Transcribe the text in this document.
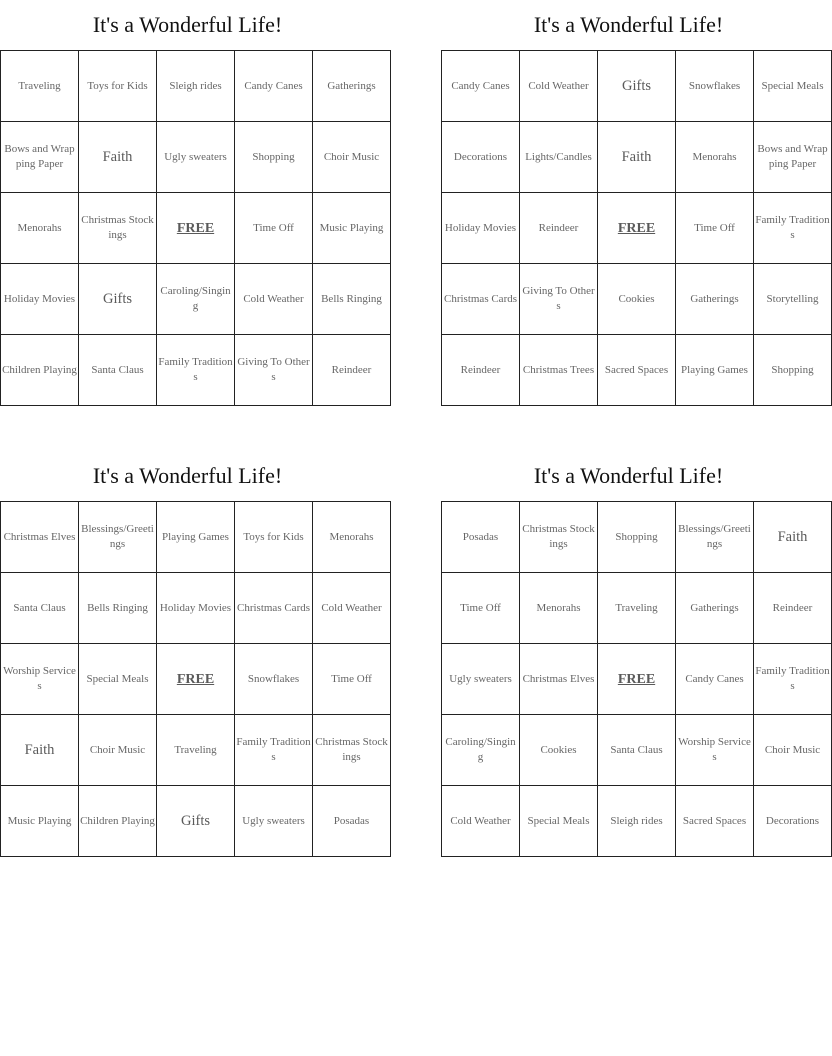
It's a Wonderful Life!
Traveling	Toys for Kids	Sleigh rides	Candy Canes	Gatherings
Bows and Wrapping Paper	Faith	Ugly sweaters	Shopping	Choir Music
Menorahs	Christmas Stockings	FREE	Time Off	Music Playing
Holiday Movies	Gifts	Caroling/Singing	Cold Weather	Bells Ringing
Children Playing	Santa Claus	Family Traditions	Giving To Others	Reindeer
It's a Wonderful Life!
Candy Canes	Cold Weather	Gifts	Snowflakes	Special Meals
Decorations	Lights/Candles	Faith	Menorahs	Bows and Wrapping Paper
Holiday Movies	Reindeer	FREE	Time Off	Family Traditions
Christmas Cards	Giving To Others	Cookies	Gatherings	Storytelling
Reindeer	Christmas Trees	Sacred Spaces	Playing Games	Shopping
It's a Wonderful Life!
Christmas Elves	Blessings/Greetings	Playing Games	Toys for Kids	Menorahs
Santa Claus	Bells Ringing	Holiday Movies	Christmas Cards	Cold Weather
Worship Services	Special Meals	FREE	Snowflakes	Time Off
Faith	Choir Music	Traveling	Family Traditions	Christmas Stockings
Music Playing	Children Playing	Gifts	Ugly sweaters	Posadas
It's a Wonderful Life!
Posadas	Christmas Stockings	Shopping	Blessings/Greetings	Faith
Time Off	Menorahs	Traveling	Gatherings	Reindeer
Ugly sweaters	Christmas Elves	FREE	Candy Canes	Family Traditions
Caroling/Singing	Cookies	Santa Claus	Worship Services	Choir Music
Cold Weather	Special Meals	Sleigh rides	Sacred Spaces	Decorations
